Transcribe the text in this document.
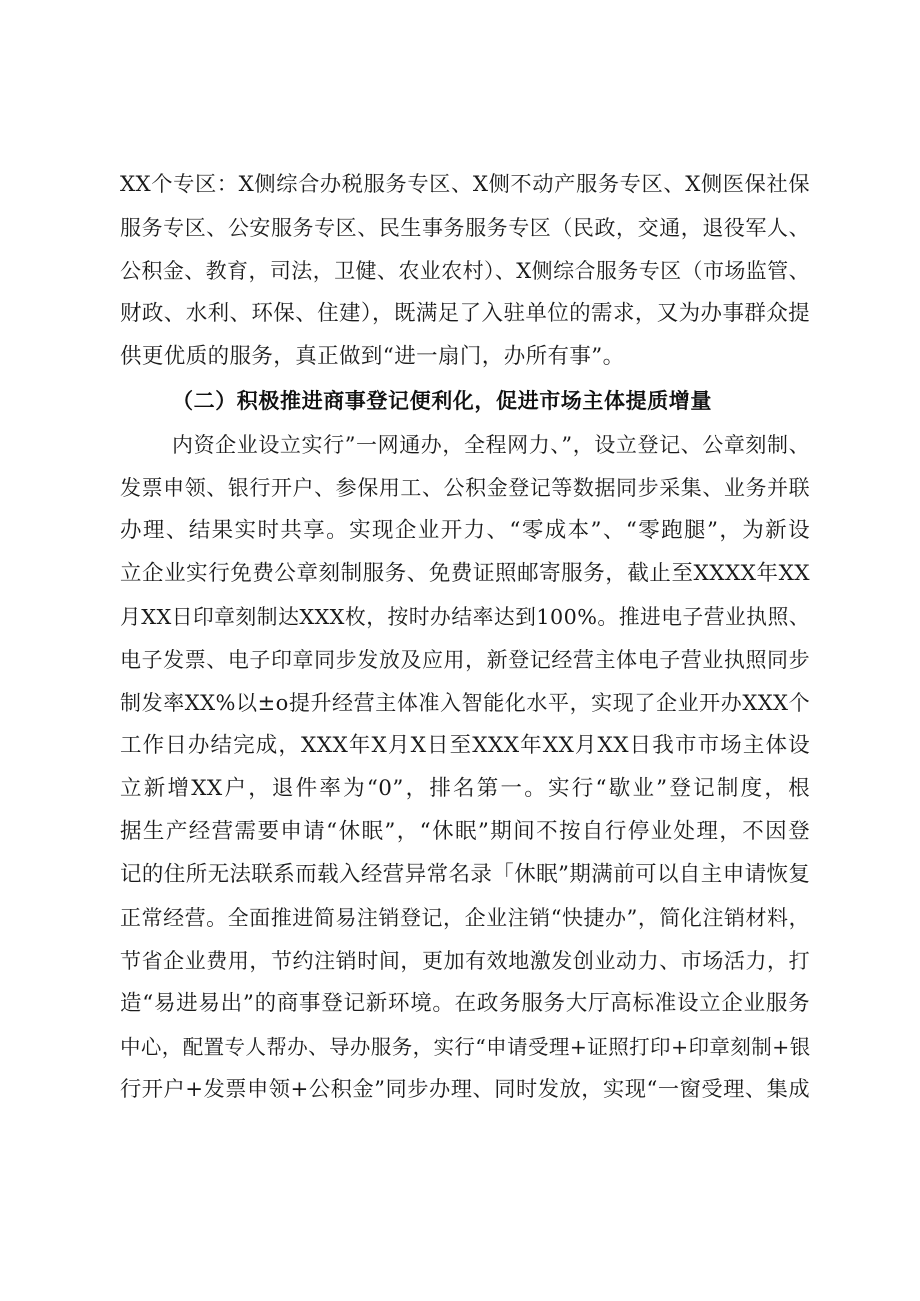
XX个专区：X侧综合办税服务专区、X侧不动产服务专区、X侧医保社保
服务专区、公安服务专区、民生事务服务专区（民政，交通，退役军人、
公积金、教育，司法，卫健、农业农村）、X侧综合服务专区（市场监管、
财政、水利、环保、住建），既满足了入驻单位的需求，又为办事群众提
供更优质的服务，真正做到“进一扇门，办所有事”。
（二）积极推进商事登记便利化，促进市场主体提质增量
内资企业设立实行”一网通办，全程网力、”，设立登记、公章刻制、
发票申领、银行开户、参保用工、公积金登记等数据同步采集、业务并联
办理、结果实时共享。实现企业开力、“零成本”、“零跑腿”，为新设
立企业实行免费公章刻制服务、免费证照邮寄服务，截止至XXXX年XX
月XX日印章刻制达XXX枚，按时办结率达到100%。推进电子营业执照、
电子发票、电子印章同步发放及应用，新登记经营主体电子营业执照同步
制发率XX%以±o提升经营主体准入智能化水平，实现了企业开办XXX个
工作日办结完成，XXX年X月X日至XXX年XX月XX日我市市场主体设
立新增XX户，退件率为“0”，排名第一。实行“歇业”登记制度，根
据生产经营需要申请“休眠”，“休眠”期间不按自行停业处理，不因登
记的住所无法联系而载入经营异常名录「休眠”期满前可以自主申请恢复
正常经营。全面推进简易注销登记，企业注销“快捷办”，简化注销材料，
节省企业费用，节约注销时间，更加有效地激发创业动力、市场活力，打
造“易进易出”的商事登记新环境。在政务服务大厅高标准设立企业服务
中心，配置专人帮办、导办服务，实行“申请受理+证照打印+印章刻制+银
行开户+发票申领+公积金”同步办理、同时发放，实现“一窗受理、集成
